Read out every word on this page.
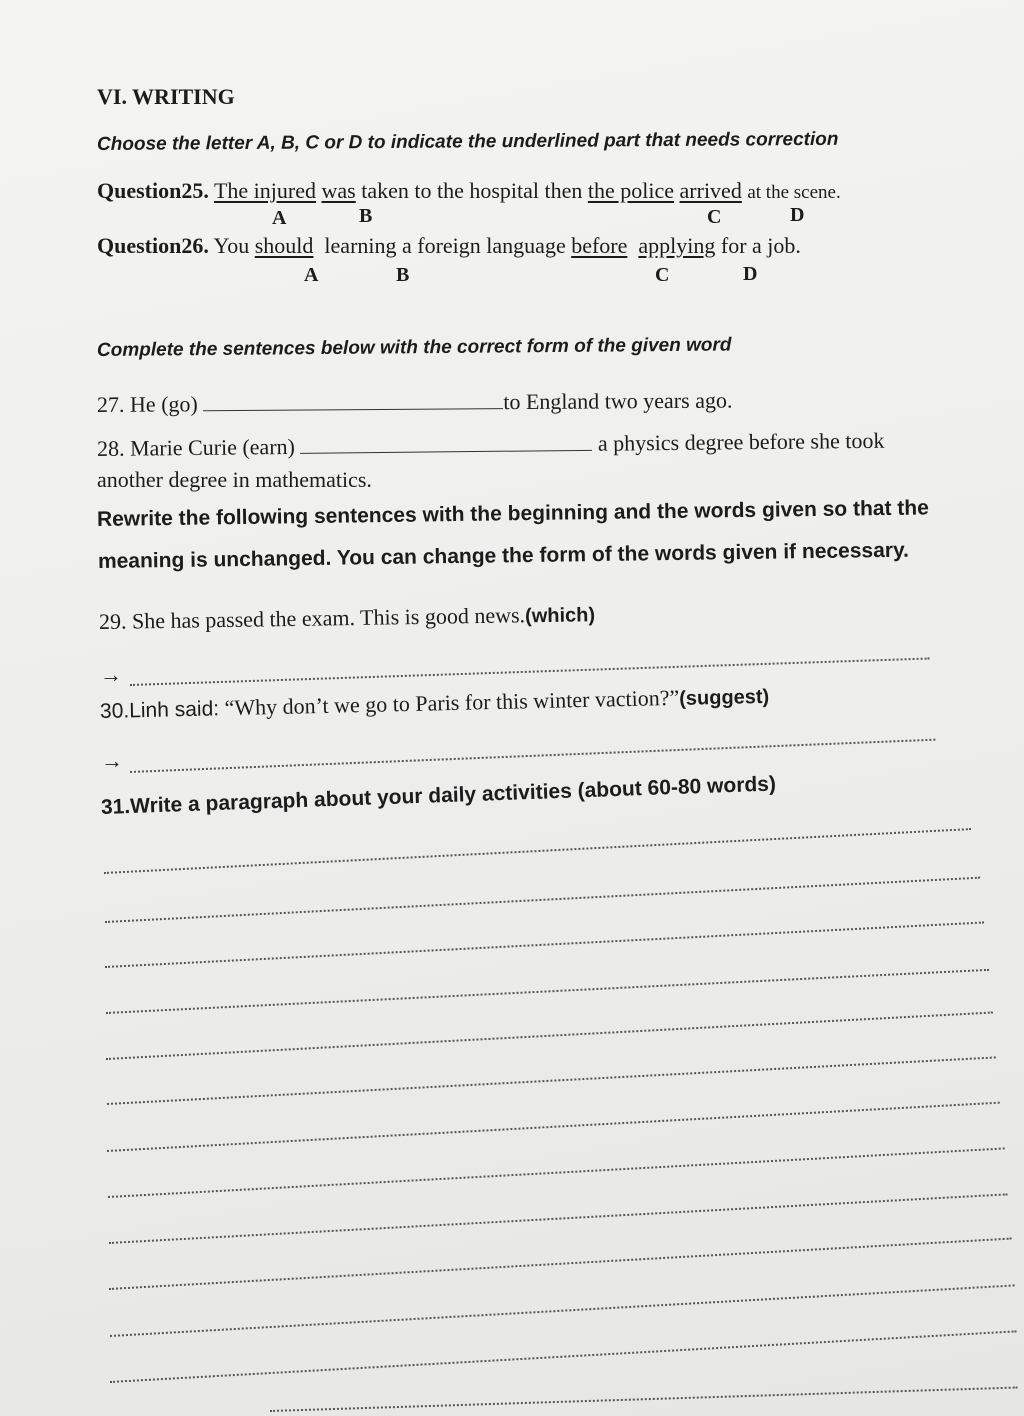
VI. WRITING
Choose the letter A, B, C or D to indicate the underlined part that needs correction
Question25. The injured was taken to the hospital then the police arrived at the scene.
A	B	C	D
Question26. You should learning a foreign language before applying for a job.
A	B	C	D
Complete the sentences below with the correct form of the given word
27. He (go)	to England two years ago.
28. Marie Curie (earn)	a physics degree before she took
another degree in mathematics.
Rewrite the following sentences with the beginning and the words given so that the
meaning is unchanged. You can change the form of the words given if necessary.
29. She has passed the exam. This is good news.(which)
→
30.Linh said: “Why don’t we go to Paris for this winter vaction?”(suggest)
→
31.Write a paragraph about your daily activities (about 60-80 words)
